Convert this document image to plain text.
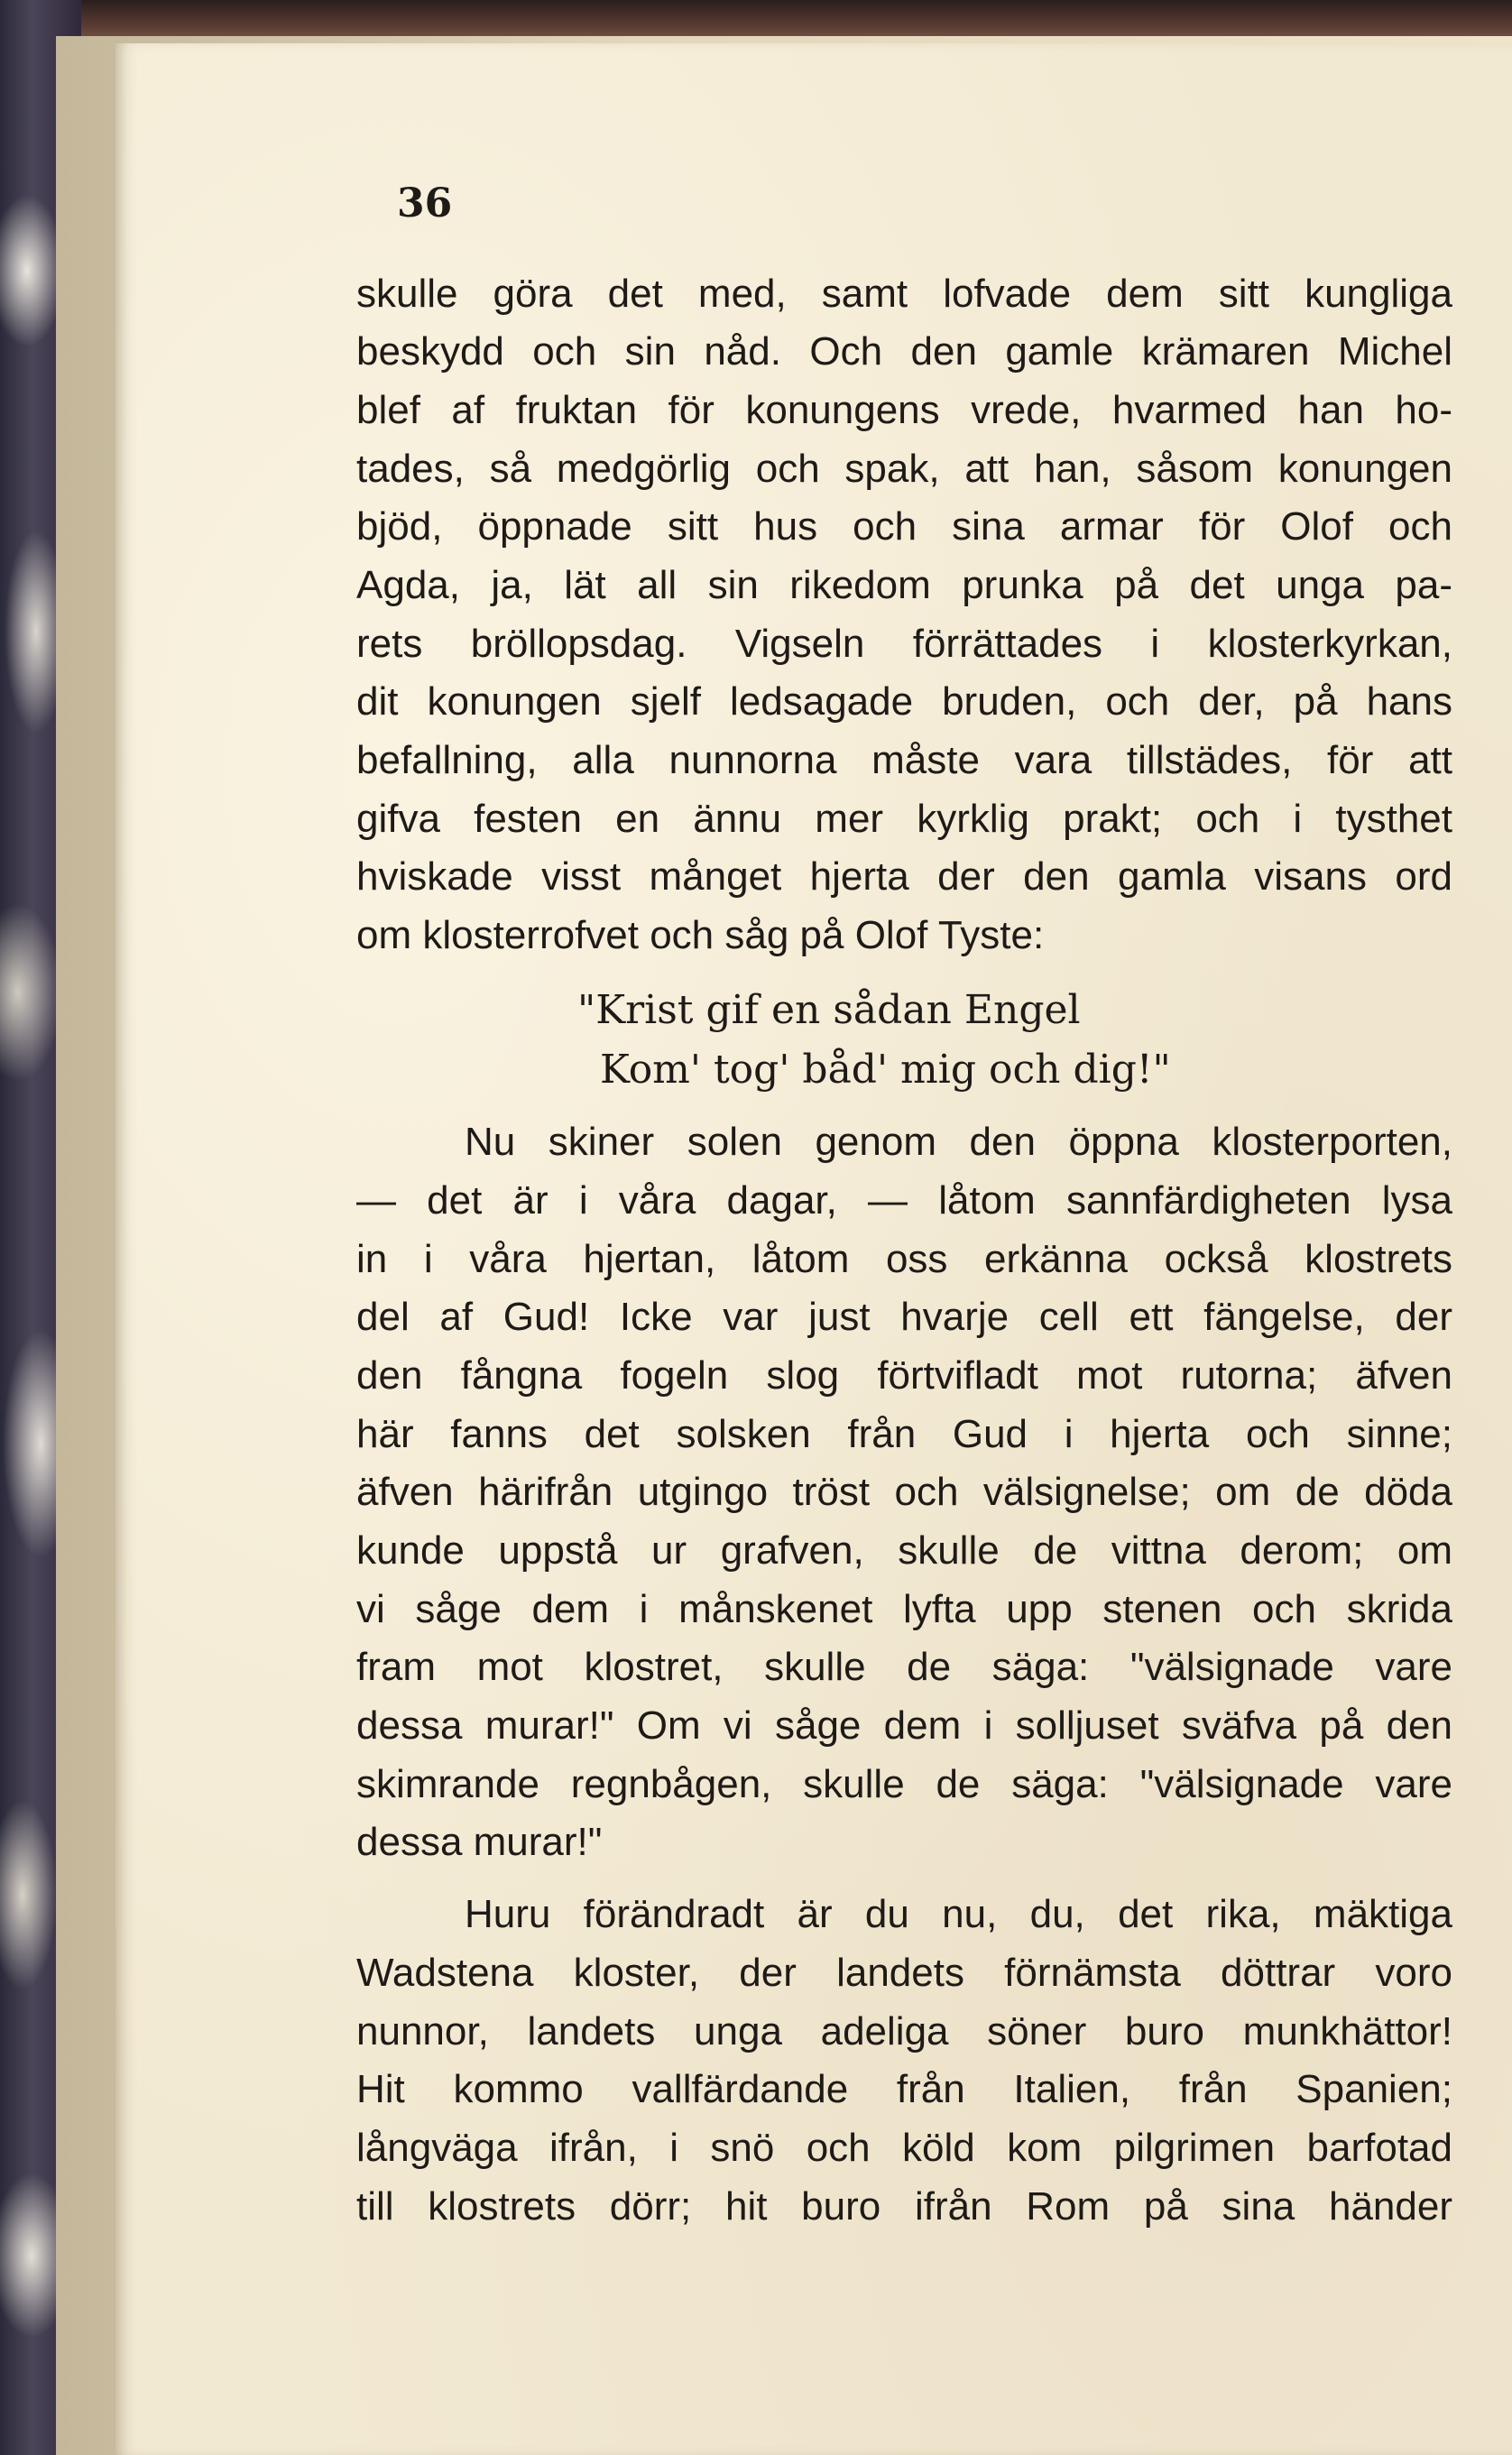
36

skulle göra det med, samt lofvade dem sitt kungliga

beskydd och sin nåd. Och den gamle krämaren Michel

blef af fruktan för konungens vrede, hvarmed han ho-

tades, så medgörlig och spak, att han, såsom konungen

bjöd, öppnade sitt hus och sina armar för Olof och

Agda, ja, lät all sin rikedom prunka på det unga pa-

rets bröllopsdag. Vigseln förrättades i klosterkyrkan,

dit konungen sjelf ledsagade bruden, och der, på hans

befallning, alla nunnorna måste vara tillstädes, för att

gifva festen en ännu mer kyrklig prakt; och i tysthet

hviskade visst månget hjerta der den gamla visans ord

om klosterrofvet och såg på Olof Tyste:

"Krist gif en sådan Engel

Kom' tog' båd' mig och dig!"

Nu skiner solen genom den öppna klosterporten,

— det är i våra dagar, — låtom sannfärdigheten lysa

in i våra hjertan, låtom oss erkänna också klostrets

del af Gud! Icke var just hvarje cell ett fängelse, der

den fångna fogeln slog förtvifladt mot rutorna; äfven

här fanns det solsken från Gud i hjerta och sinne;

äfven härifrån utgingo tröst och välsignelse; om de döda

kunde uppstå ur grafven, skulle de vittna derom; om

vi såge dem i månskenet lyfta upp stenen och skrida

fram mot klostret, skulle de säga: "välsignade vare

dessa murar!" Om vi såge dem i solljuset sväfva på den

skimrande regnbågen, skulle de säga: "välsignade vare

dessa murar!"

Huru förändradt är du nu, du, det rika, mäktiga

Wadstena kloster, der landets förnämsta döttrar voro

nunnor, landets unga adeliga söner buro munkhättor!

Hit kommo vallfärdande från Italien, från Spanien;

långväga ifrån, i snö och köld kom pilgrimen barfotad

till klostrets dörr; hit buro ifrån Rom på sina händer
